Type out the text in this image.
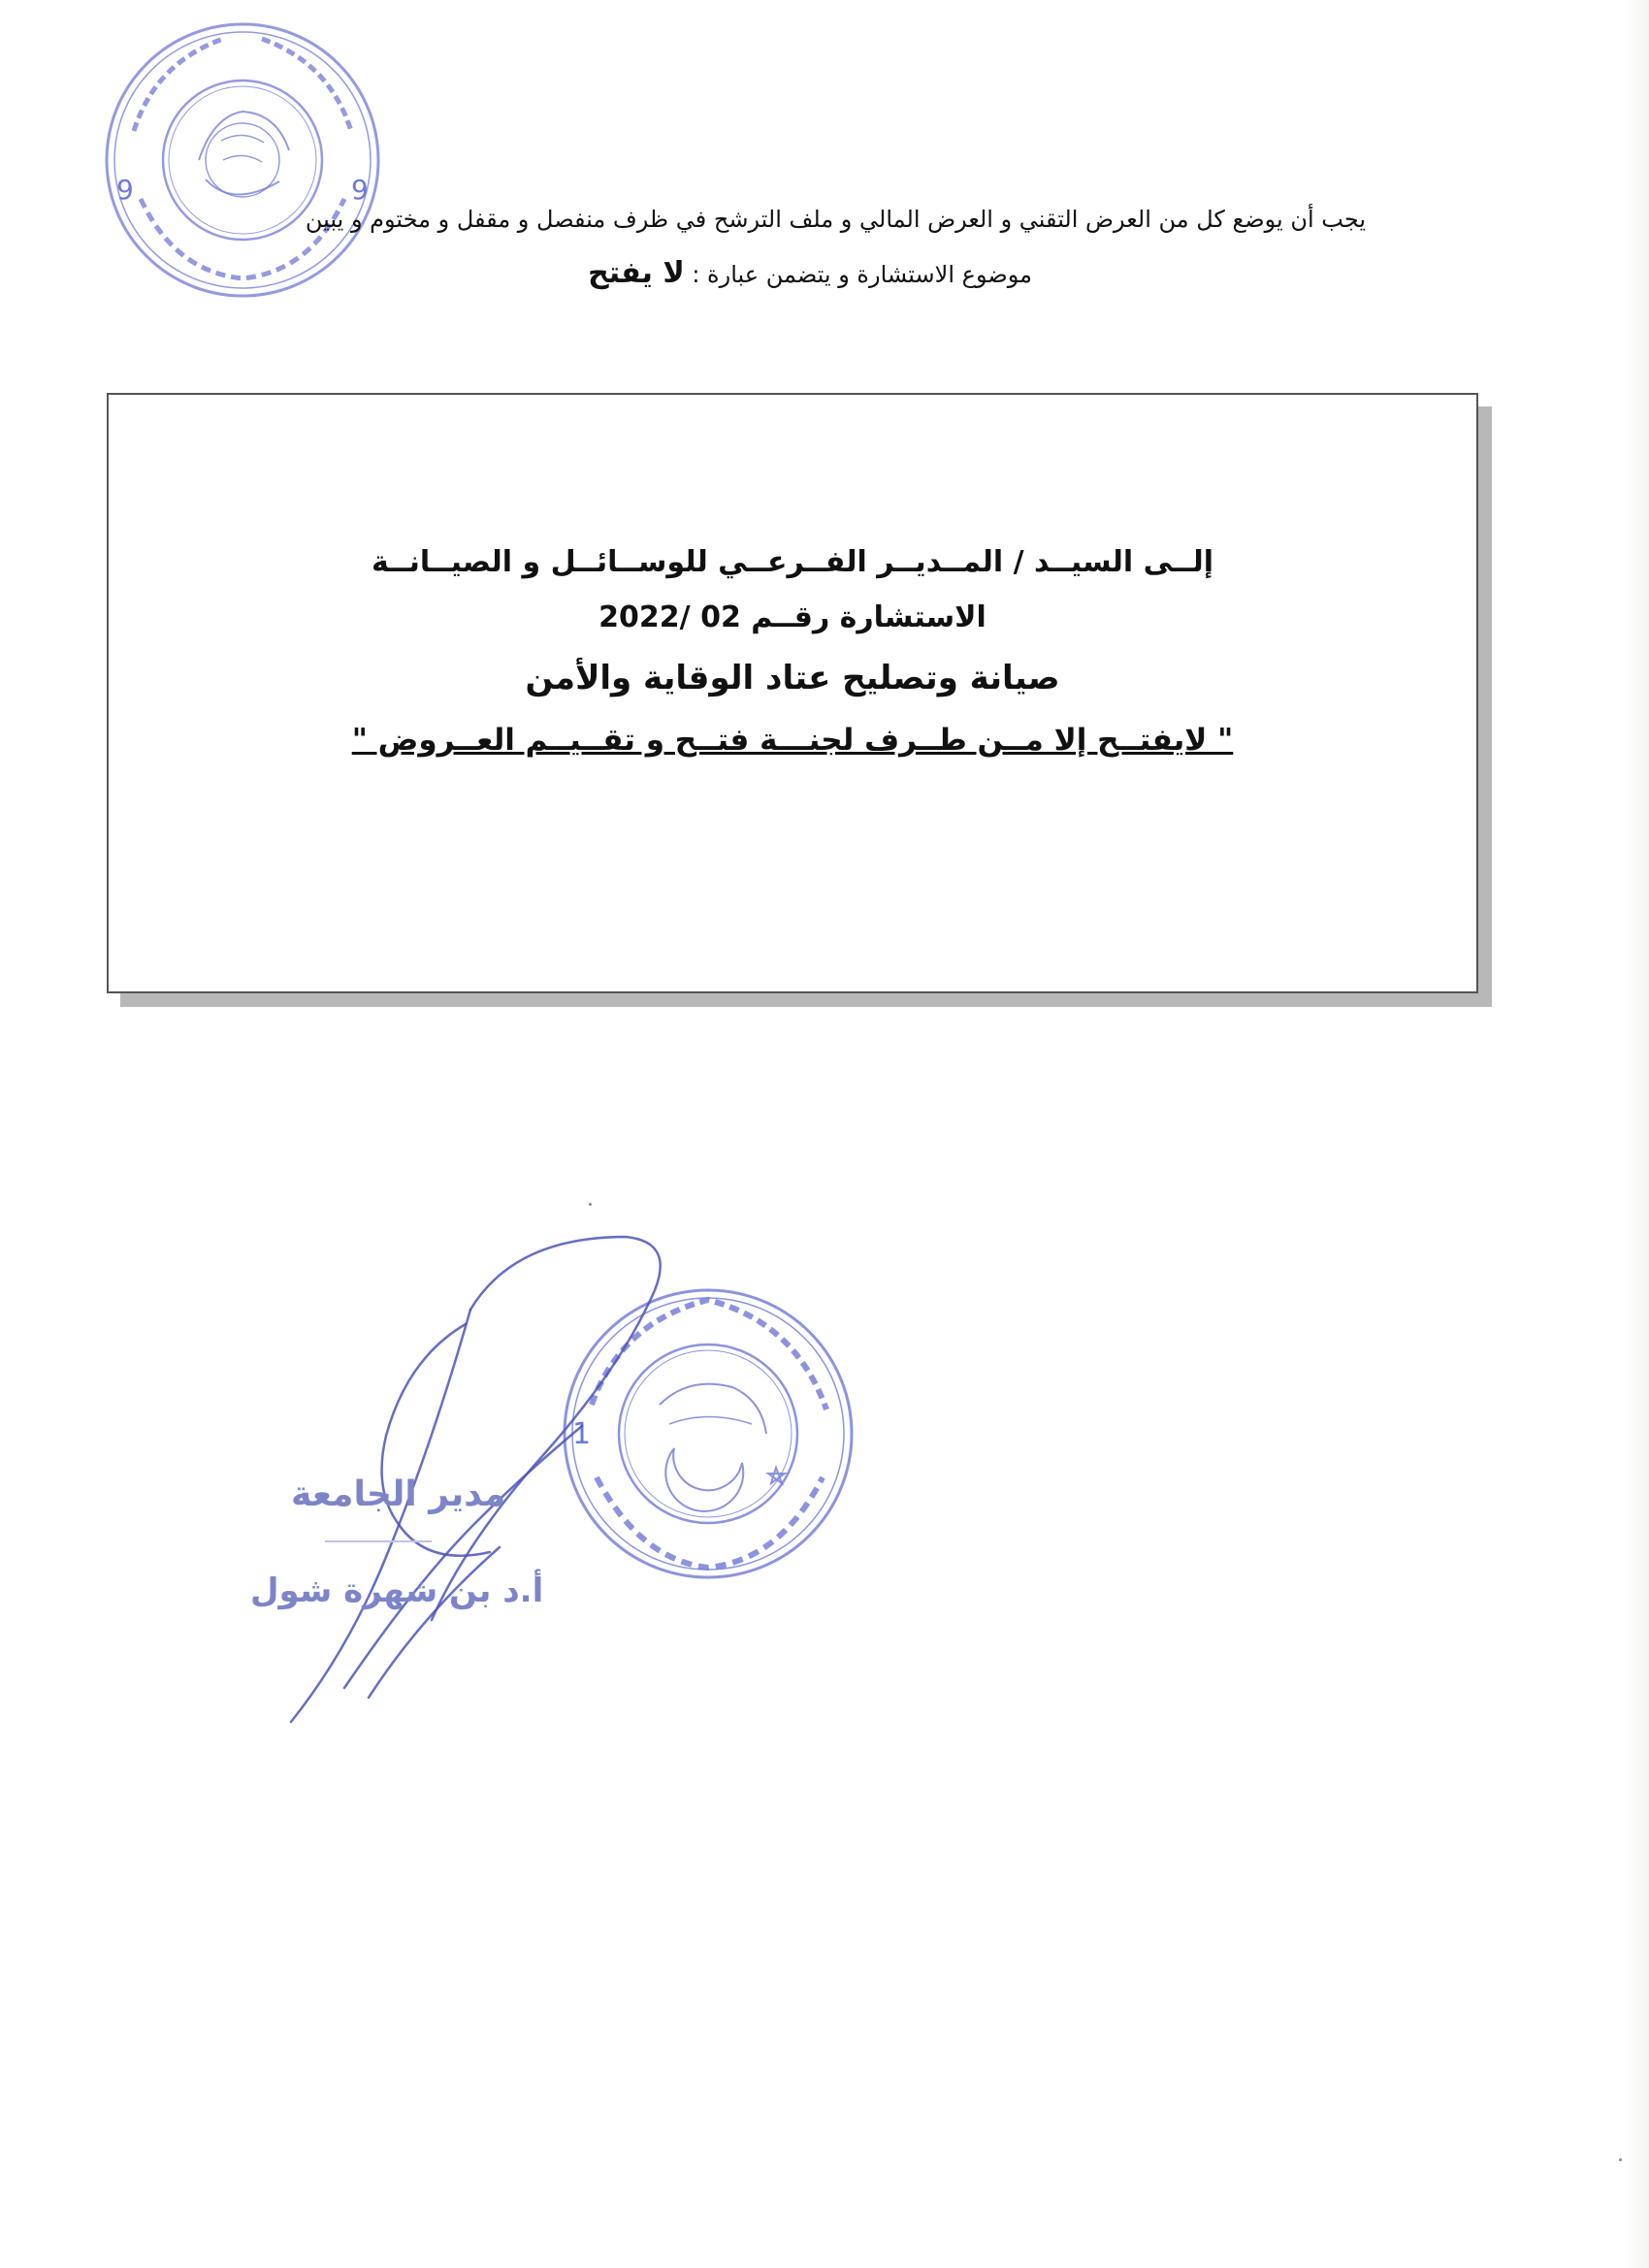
9	9
يجب أن يوضع كل من العرض التقني و العرض المالي و ملف الترشح في ظرف منفصل و مقفل و مختوم و يبين
موضوع الاستشارة و يتضمن عبارة : لا يفتح
إلــى السيــد / المــديــر الفــرعــي للوســائــل و الصيــانــة
الاستشارة رقــم 02 /2022
صيانة وتصليح عتاد الوقاية والأمن
" لايفتــح إلا مــن طــرف لجنـــة فتــح و تقــيــم العــروض "
1
مدير الجامعة
أ.د بن شهرة شول
